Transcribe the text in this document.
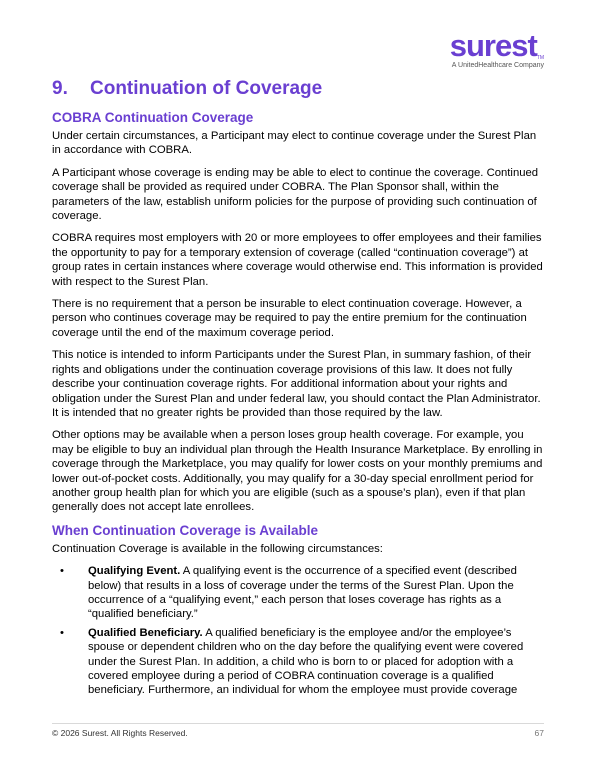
surestTM
A UnitedHealthcare Company
9.	Continuation of Coverage
COBRA Continuation Coverage

Under certain circumstances, a Participant may elect to continue coverage under the Surest Plan in accordance with COBRA.

A Participant whose coverage is ending may be able to elect to continue the coverage. Continued coverage shall be provided as required under COBRA. The Plan Sponsor shall, within the parameters of the law, establish uniform policies for the purpose of providing such continuation of coverage.

COBRA requires most employers with 20 or more employees to offer employees and their families the opportunity to pay for a temporary extension of coverage (called “continuation coverage”) at group rates in certain instances where coverage would otherwise end. This information is provided with respect to the Surest Plan.

There is no requirement that a person be insurable to elect continuation coverage. However, a person who continues coverage may be required to pay the entire premium for the continuation coverage until the end of the maximum coverage period.

This notice is intended to inform Participants under the Surest Plan, in summary fashion, of their rights and obligations under the continuation coverage provisions of this law. It does not fully describe your continuation coverage rights. For additional information about your rights and obligation under the Surest Plan and under federal law, you should contact the Plan Administrator. It is intended that no greater rights be provided than those required by the law.

Other options may be available when a person loses group health coverage. For example, you may be eligible to buy an individual plan through the Health Insurance Marketplace. By enrolling in coverage through the Marketplace, you may qualify for lower costs on your monthly premiums and lower out-of-pocket costs. Additionally, you may qualify for a 30-day special enrollment period for another group health plan for which you are eligible (such as a spouse’s plan), even if that plan generally does not accept late enrollees.

When Continuation Coverage is Available

Continuation Coverage is available in the following circumstances:

•	Qualifying Event. A qualifying event is the occurrence of a specified event (described below) that results in a loss of coverage under the terms of the Surest Plan. Upon the occurrence of a “qualifying event,” each person that loses coverage has rights as a “qualified beneficiary.”
•	Qualified Beneficiary. A qualified beneficiary is the employee and/or the employee’s spouse or dependent children who on the day before the qualifying event were covered under the Surest Plan. In addition, a child who is born to or placed for adoption with a covered employee during a period of COBRA continuation coverage is a qualified beneficiary. Furthermore, an individual for whom the employee must provide coverage
© 2026 Surest. All Rights Reserved.	67
